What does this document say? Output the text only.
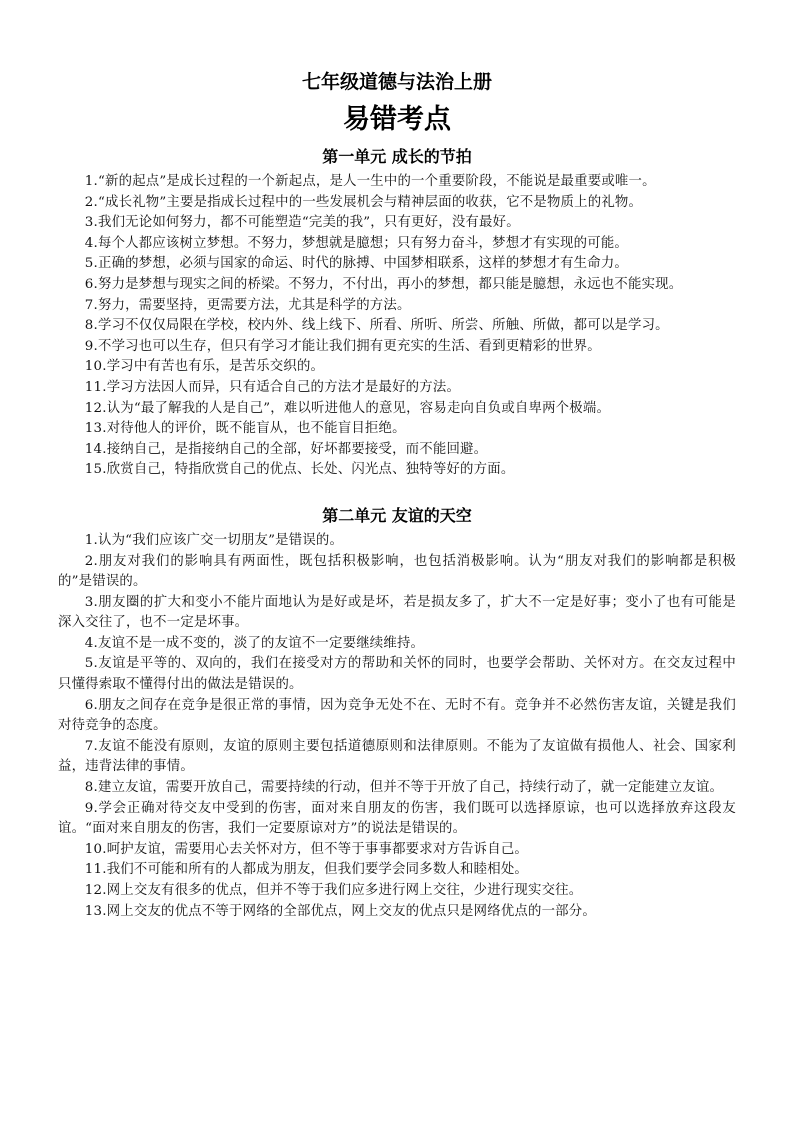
七年级道德与法治上册
易错考点
第一单元 成长的节拍

1.“新的起点”是成长过程的一个新起点，是人一生中的一个重要阶段，不能说是最重要或唯一。

2.“成长礼物”主要是指成长过程中的一些发展机会与精神层面的收获，它不是物质上的礼物。

3.我们无论如何努力，都不可能塑造“完美的我”，只有更好，没有最好。

4.每个人都应该树立梦想。不努力，梦想就是臆想；只有努力奋斗，梦想才有实现的可能。

5.正确的梦想，必须与国家的命运、时代的脉搏、中国梦相联系，这样的梦想才有生命力。

6.努力是梦想与现实之间的桥梁。不努力，不付出，再小的梦想，都只能是臆想，永远也不能实现。

7.努力，需要坚持，更需要方法，尤其是科学的方法。

8.学习不仅仅局限在学校，校内外、线上线下、所看、所听、所尝、所触、所做，都可以是学习。

9.不学习也可以生存，但只有学习才能让我们拥有更充实的生活、看到更精彩的世界。

10.学习中有苦也有乐，是苦乐交织的。

11.学习方法因人而异，只有适合自己的方法才是最好的方法。

12.认为“最了解我的人是自己”，难以听进他人的意见，容易走向自负或自卑两个极端。

13.对待他人的评价，既不能盲从，也不能盲目拒绝。

14.接纳自己，是指接纳自己的全部，好坏都要接受，而不能回避。

15.欣赏自己，特指欣赏自己的优点、长处、闪光点、独特等好的方面。

第二单元 友谊的天空

1.认为“我们应该广交一切朋友”是错误的。

2.朋友对我们的影响具有两面性，既包括积极影响，也包括消极影响。认为“朋友对我们的影响都是积极的”是错误的。

3.朋友圈的扩大和变小不能片面地认为是好或是坏，若是损友多了，扩大不一定是好事；变小了也有可能是深入交往了，也不一定是坏事。

4.友谊不是一成不变的，淡了的友谊不一定要继续维持。

5.友谊是平等的、双向的，我们在接受对方的帮助和关怀的同时，也要学会帮助、关怀对方。在交友过程中只懂得索取不懂得付出的做法是错误的。

6.朋友之间存在竞争是很正常的事情，因为竞争无处不在、无时不有。竞争并不必然伤害友谊，关键是我们对待竞争的态度。

7.友谊不能没有原则，友谊的原则主要包括道德原则和法律原则。不能为了友谊做有损他人、社会、国家利益，违背法律的事情。

8.建立友谊，需要开放自己，需要持续的行动，但并不等于开放了自己，持续行动了，就一定能建立友谊。

9.学会正确对待交友中受到的伤害，面对来自朋友的伤害，我们既可以选择原谅，也可以选择放弃这段友谊。“面对来自朋友的伤害，我们一定要原谅对方”的说法是错误的。

10.呵护友谊，需要用心去关怀对方，但不等于事事都要求对方告诉自己。

11.我们不可能和所有的人都成为朋友，但我们要学会同多数人和睦相处。

12.网上交友有很多的优点，但并不等于我们应多进行网上交往，少进行现实交往。

13.网上交友的优点不等于网络的全部优点，网上交友的优点只是网络优点的一部分。
